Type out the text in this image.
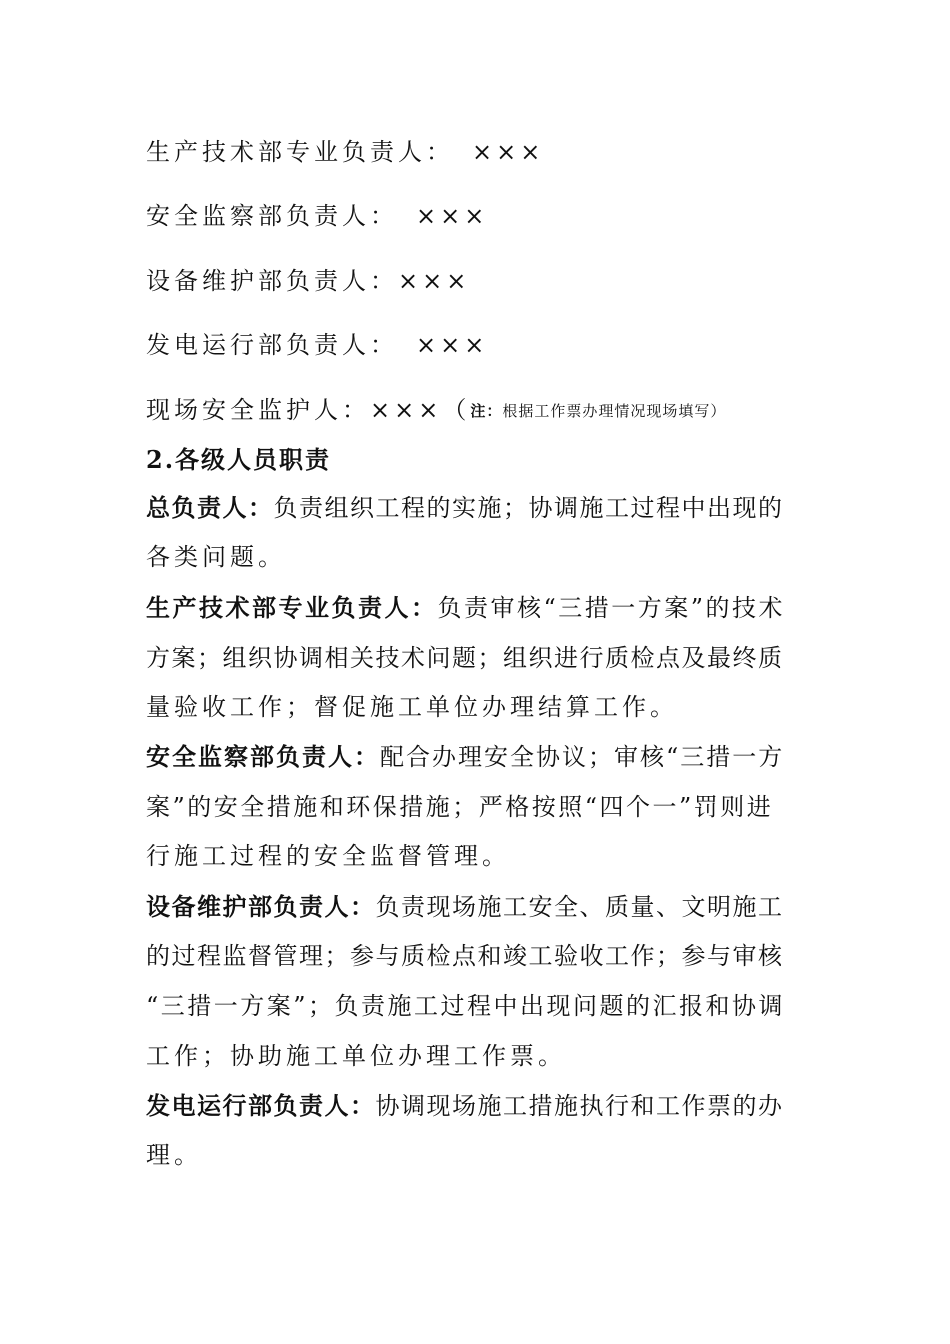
生产技术部专业负责人： ×××
安全监察部负责人： ×××
设备维护部负责人：×××
发电运行部负责人： ×××
现场安全监护人：×××（注：根据工作票办理情况现场填写）
2.各级人员职责
总负责人：负责组织工程的实施；协调施工过程中出现的
各类问题。
生产技术部专业负责人：负责审核“三措一方案”的技术
方案；组织协调相关技术问题；组织进行质检点及最终质
量验收工作；督促施工单位办理结算工作。
安全监察部负责人：配合办理安全协议；审核“三措一方
案”的安全措施和环保措施；严格按照“四个一”罚则进
行施工过程的安全监督管理。
设备维护部负责人：负责现场施工安全、质量、文明施工
的过程监督管理；参与质检点和竣工验收工作；参与审核
“三措一方案”；负责施工过程中出现问题的汇报和协调
工作；协助施工单位办理工作票。
发电运行部负责人：协调现场施工措施执行和工作票的办
理。
